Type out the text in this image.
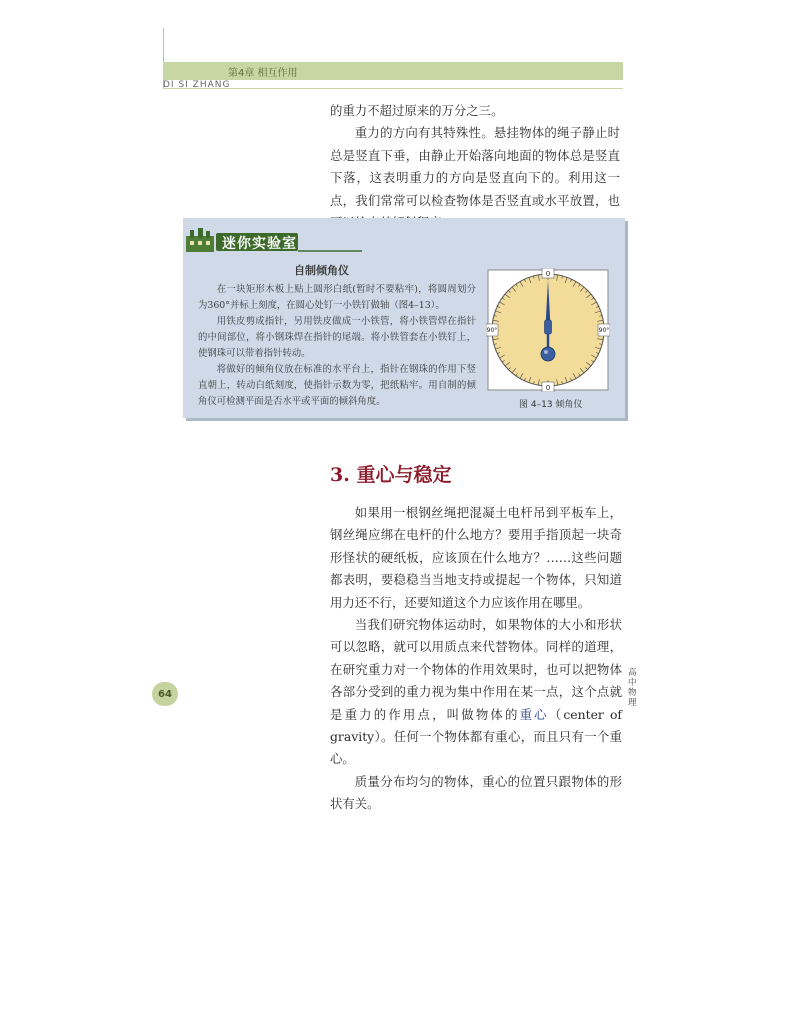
第4章 相互作用
DI SI ZHANG

的重力不超过原来的万分之三。

重力的方向有其特殊性。悬挂物体的绳子静止时总是竖直下垂，由静止开始落向地面的物体总是竖直下落，这表明重力的方向是竖直向下的。利用这一点，我们常常可以检查物体是否竖直或水平放置，也

迷你实验室
自制倾角仪

在一块矩形木板上贴上圆形白纸(暂时不要粘牢)，将圆周划分为360°并标上刻度，在圆心处钉一小铁钉做轴（图4–13）。

用铁皮剪成指针，另用铁皮做成一小铁管，将小铁管焊在指针的中间部位，将小钢珠焊在指针的尾端。将小铁管套在小铁钉上，使钢珠可以带着指针转动。

将做好的倾角仪放在标准的水平台上，指针在钢珠的作用下竖直朝上，转动白纸刻度，使指针示数为零，把纸粘牢。用自制的倾角仪可检测平面是否水平或平面的倾斜角度。

0
0
90°	90°
图 4–13 倾角仪
3. 重心与稳定

如果用一根钢丝绳把混凝土电杆吊到平板车上，钢丝绳应绑在电杆的什么地方？要用手指顶起一块奇形怪状的硬纸板，应该顶在什么地方？……这些问题都表明，要稳稳当当地支持或提起一个物体，只知道用力还不行，还要知道这个力应该作用在哪里。

当我们研究物体运动时，如果物体的大小和形状可以忽略，就可以用质点来代替物体。同样的道理，在研究重力对一个物体的作用效果时，也可以把物体各部分受到的重力视为集中作用在某一点，这个点就是重力的作用点，叫做物体的重心（center of gravity）。任何一个物体都有重心，而且只有一个重心。

质量分布均匀的物体，重心的位置只跟物体的形状有关。

64
高
中
物
理
